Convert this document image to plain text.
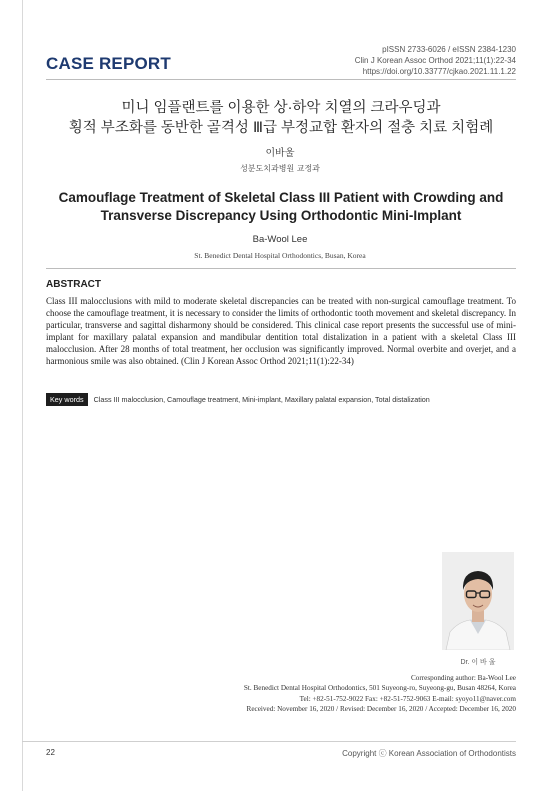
pISSN 2733-6026 / eISSN 2384-1230
Clin J Korean Assoc Orthod 2021;11(1):22-34
https://doi.org/10.33777/cjkao.2021.11.1.22
CASE REPORT
미니 임플랜트를 이용한 상·하악 치열의 크라우딩과
횡적 부조화를 동반한 골격성 Ⅲ급 부정교합 환자의 절충 치료 치험례
이바울
성분도치과병원 교정과
Camouflage Treatment of Skeletal Class III Patient with Crowding and
Transverse Discrepancy Using Orthodontic Mini-Implant
Ba-Wool Lee
St. Benedict Dental Hospital Orthodontics, Busan, Korea
ABSTRACT
Class III malocclusions with mild to moderate skeletal discrepancies can be treated with non-surgical camouflage treatment. To choose the camouflage treatment, it is necessary to consider the limits of orthodontic tooth movement and skeletal discrepancy. In particular, transverse and sagittal disharmony should be considered. This clinical case report presents the successful use of mini-implant for maxillary palatal expansion and mandibular dentition total distalization in a patient with a skeletal Class III malocclusion. After 28 months of total treatment, her occlusion was significantly improved. Normal overbite and overjet, and a harmonious smile was also obtained. (Clin J Korean Assoc Orthod 2021;11(1):22-34)
Key words	Class III malocclusion, Camouflage treatment, Mini-implant, Maxillary palatal expansion, Total distalization
Dr. 이 바 울
Corresponding author: Ba-Wool Lee
St. Benedict Dental Hospital Orthodontics, 501 Suyeong-ro, Suyeong-gu, Busan 48264, Korea
Tel: +82-51-752-9022 Fax: +82-51-752-9063 E-mail: syoyo11@naver.com
Received: November 16, 2020 / Revised: December 16, 2020 / Accepted: December 16, 2020
22	Copyright ⓒ Korean Association of Orthodontists
